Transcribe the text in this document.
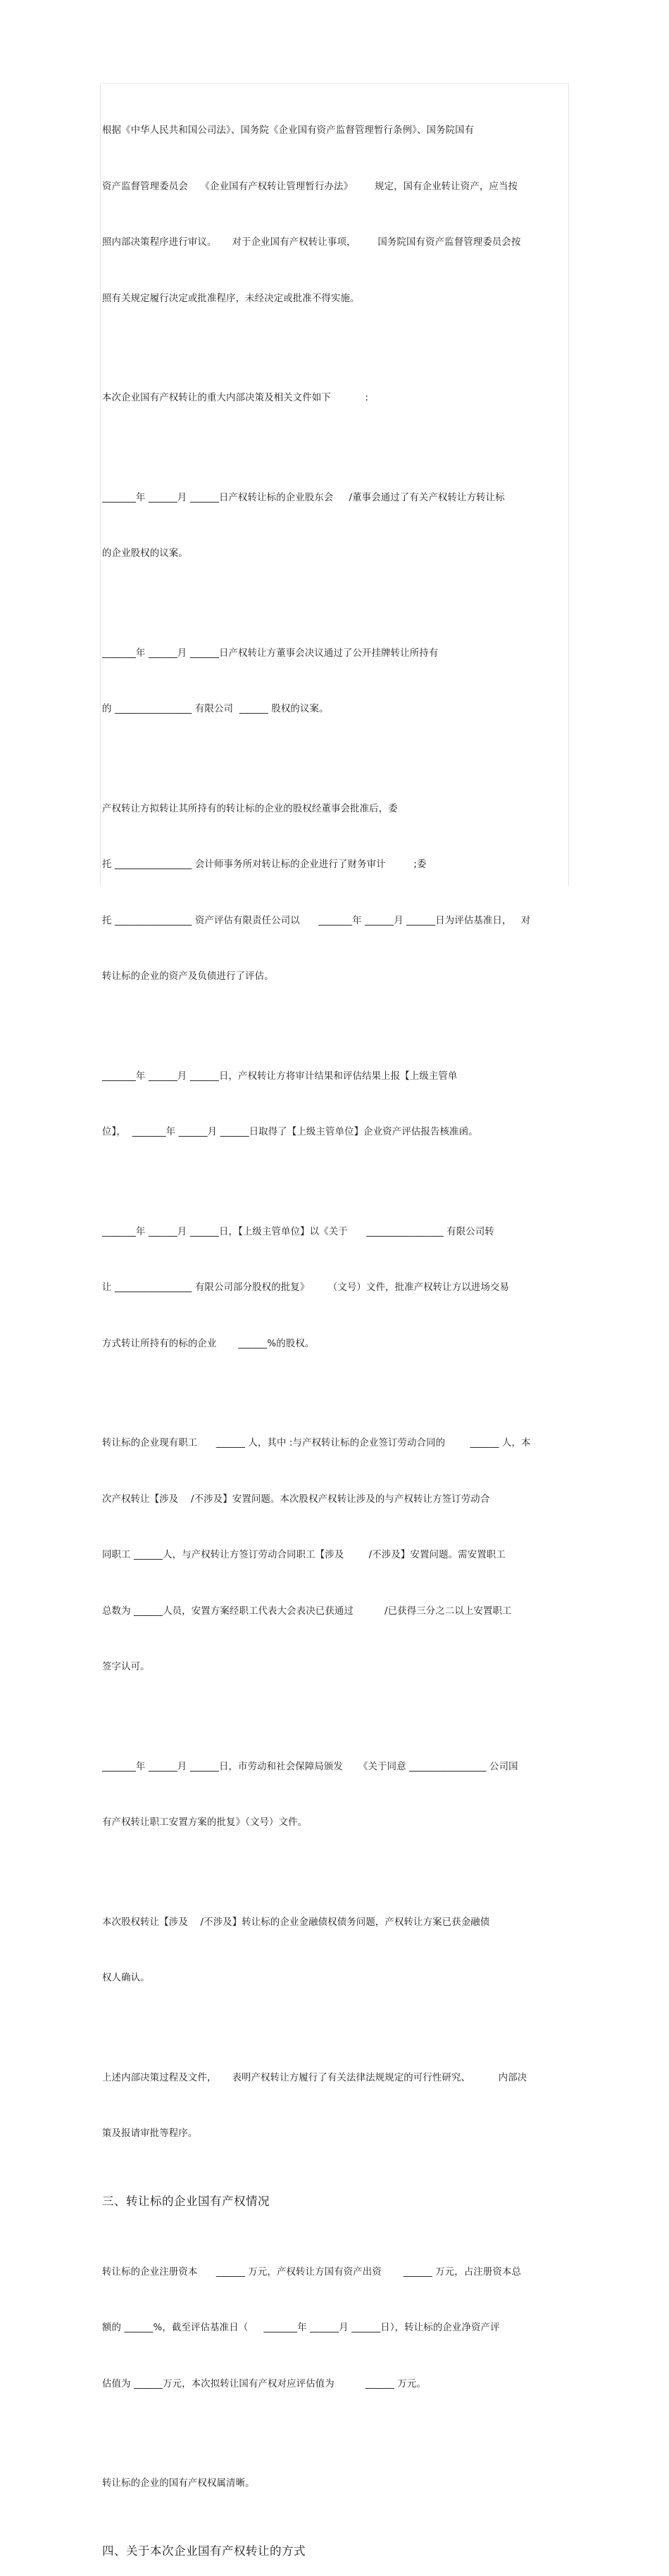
根据《中华人民共和国公司法》、国务院《企业国有资产监督管理暂行条例》、国务院国有

资产监督管理委员会    《企业国有产权转让管理暂行办法》       规定，国有企业转让资产，应当按

照内部决策程序进行审议。     对于企业国有产权转让事项，       国务院国有资产监督管理委员会按

照有关规定履行决定或批准程序，未经决定或批准不得实施。

本次企业国有产权转让的重大内部决策及相关文件如下           :

_______年 ______月 ______日产权转让标的企业股东会     /董事会通过了有关产权转让方转让标

的企业股权的议案。

_______年 ______月 ______日产权转让方董事会决议通过了公开挂牌转让所持有

的 ________________ 有限公司  ______ 股权的议案。

产权转让方拟转让其所持有的转让标的企业的股权经董事会批准后，委

托 ________________ 会计师事务所对转让标的企业进行了财务审计         ;委

托 ________________ 资产评估有限责任公司以      _______年 ______月 ______日为评估基准日，   对

转让标的企业的资产及负债进行了评估。

_______年 ______月 ______日，产权转让方将审计结果和评估结果上报【上级主管单

位】，  _______年 ______月 ______日取得了【上级主管单位】企业资产评估报告核准函。

_______年 ______月 ______日，【上级主管单位】以《关于      ________________ 有限公司转

让 ________________ 有限公司部分股权的批复》      （文号）文件，批准产权转让方以进场交易

方式转让所持有的标的企业       ______%的股权。

转让标的企业现有职工      ______ 人，其中 :与产权转让标的企业签订劳动合同的        ______ 人，本

次产权转让【涉及    /不涉及】安置问题。本次股权产权转让涉及的与产权转让方签订劳动合

同职工 ______人，与产权转让方签订劳动合同职工【涉及        /不涉及】安置问题。需安置职工

总数为 ______人员，安置方案经职工代表大会表决已获通过          /已获得三分之二以上安置职工

签字认可。

_______年 ______月 ______日，市劳动和社会保障局颁发     《关于同意 ________________ 公司国

有产权转让职工安置方案的批复》（文号）文件。

本次股权转让【涉及    /不涉及】转让标的企业金融债权债务问题，产权转让方案已获金融债

权人确认。

上述内部决策过程及文件，     表明产权转让方履行了有关法律法规规定的可行性研究、         内部决

策及报请审批等程序。

三、转让标的企业国有产权情况

转让标的企业注册资本      ______ 万元，产权转让方国有资产出资       ______ 万元，占注册资本总

额的 ______%，截至评估基准日（     _______年 ______月 ______日），转让标的企业净资产评

估值为 ______万元，本次拟转让国有产权对应评估值为          ______ 万元。

转让标的企业的国有产权权属清晰。

四、关于本次企业国有产权转让的方式
